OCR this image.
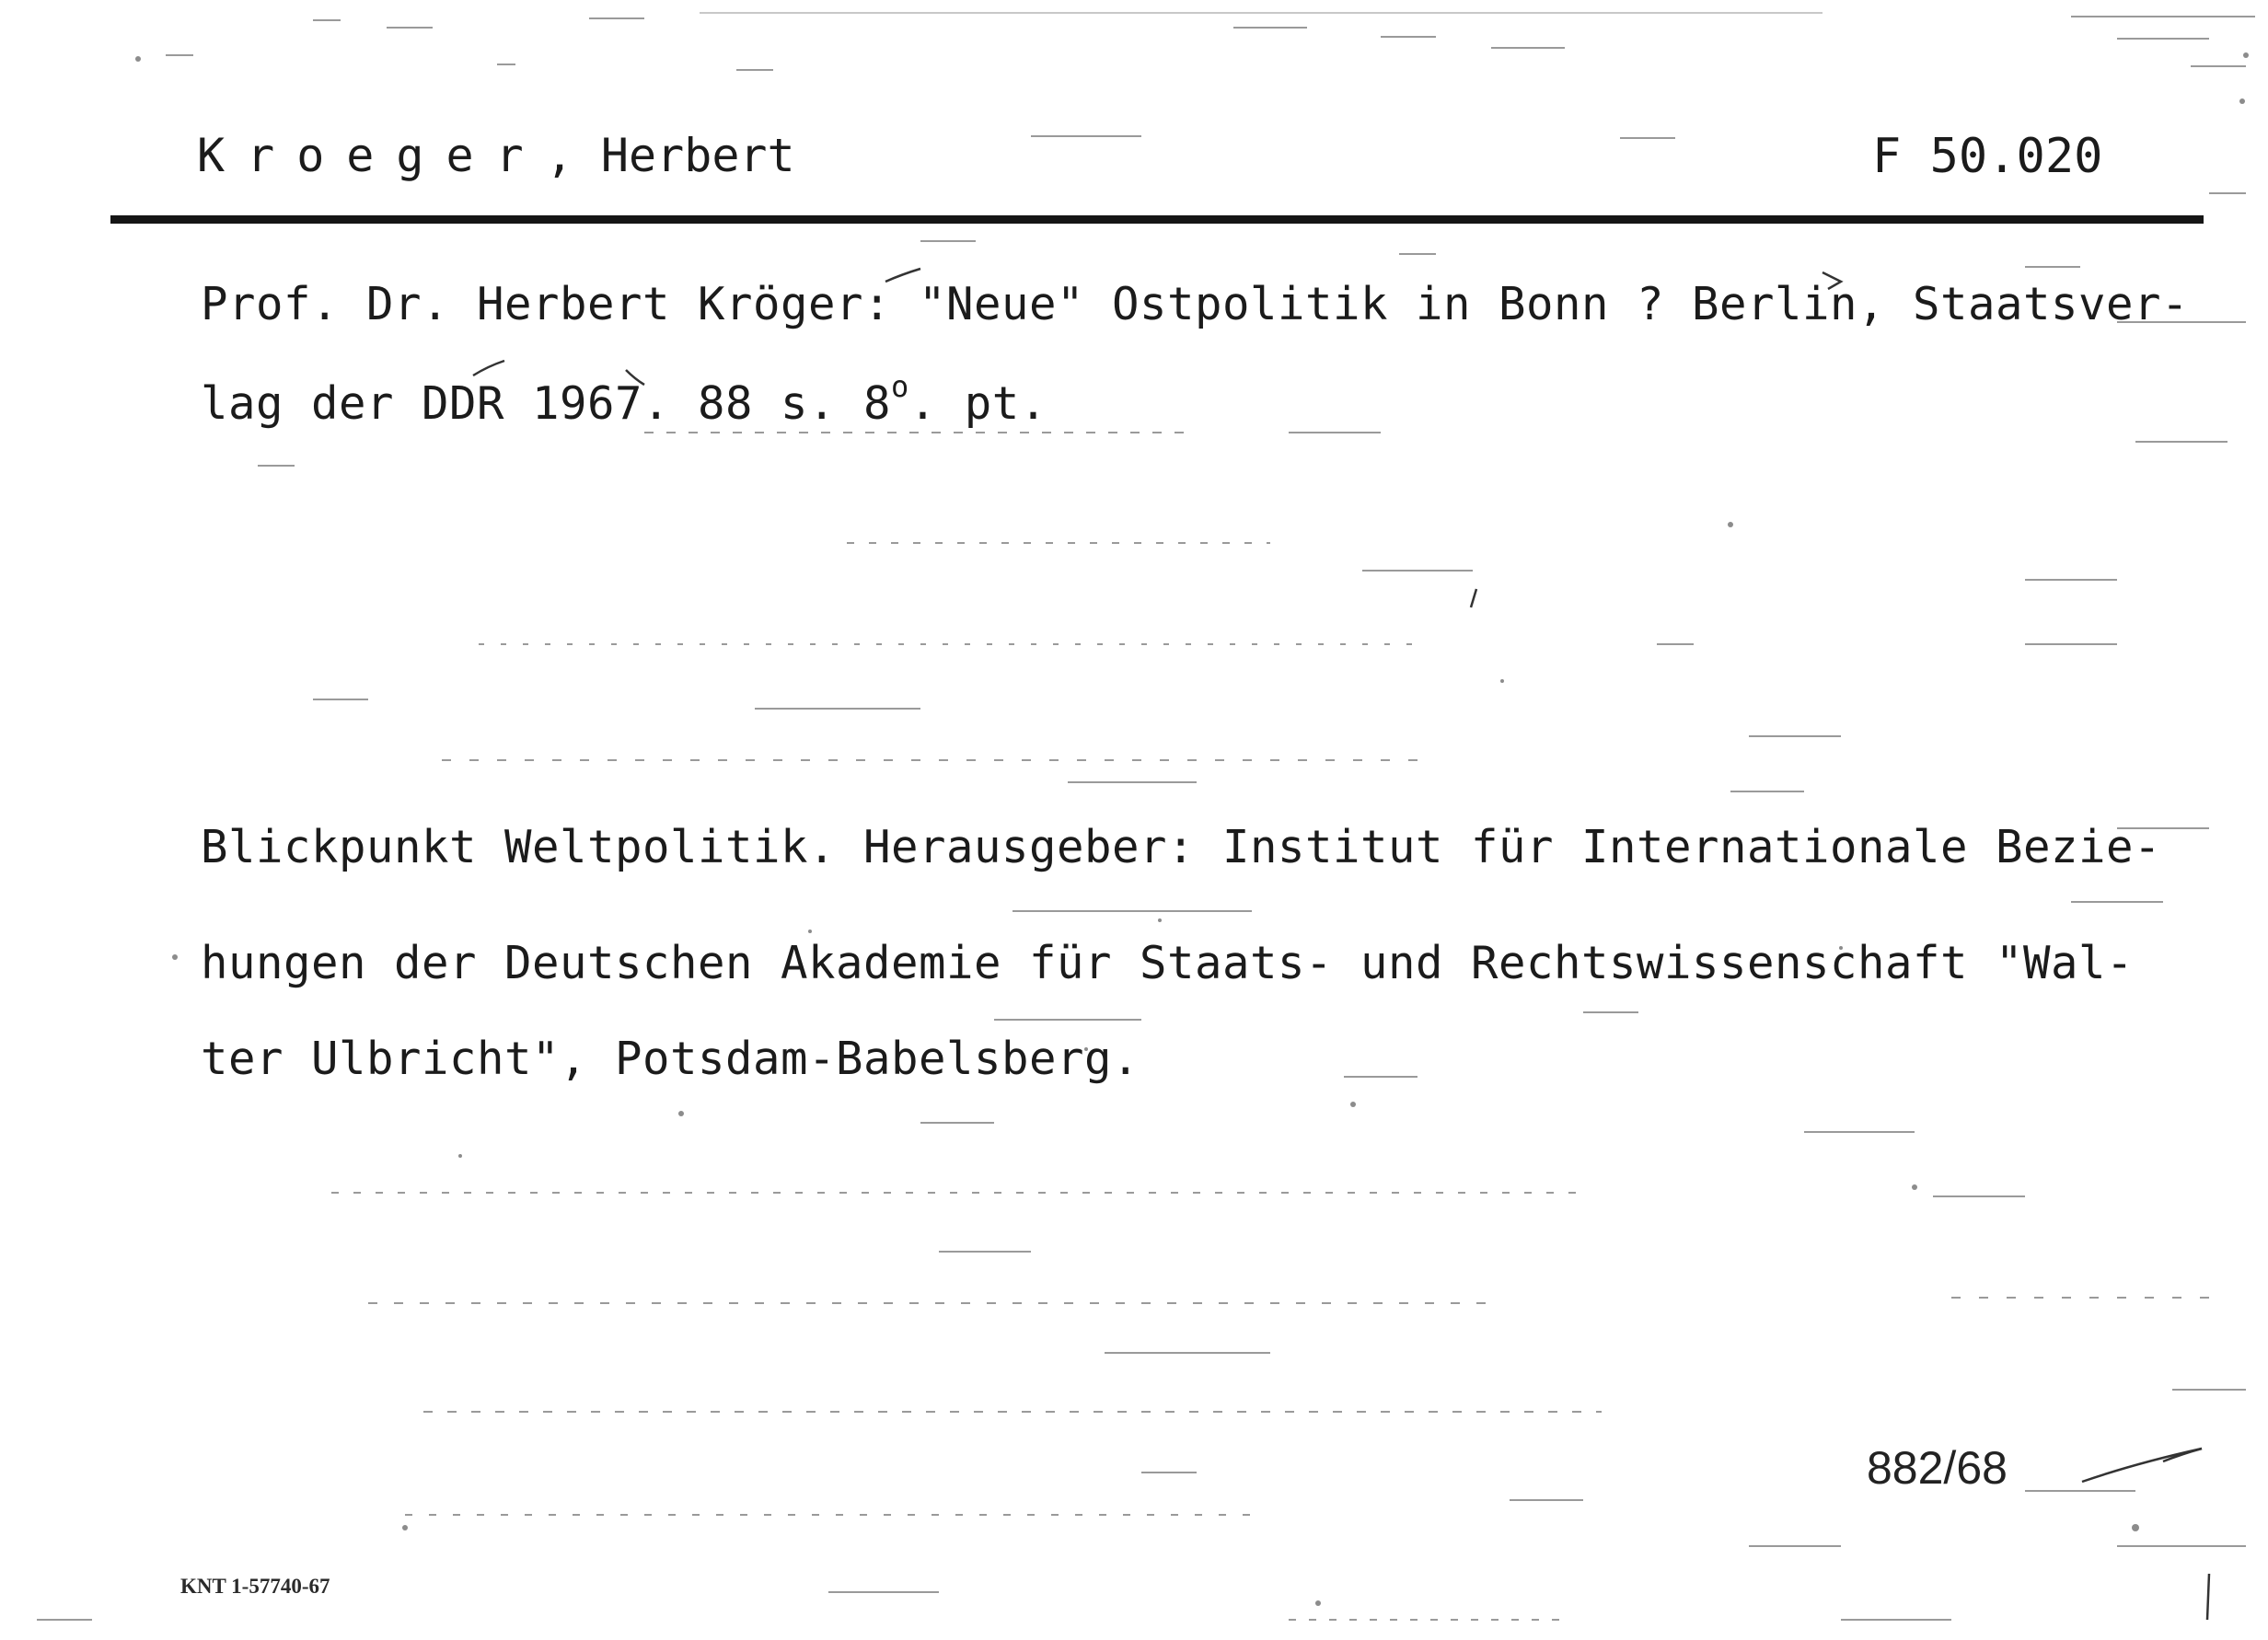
Kroeger, Herbert	F 50.020
Prof. Dr. Herbert Kröger: "Neue" Ostpolitik in Bonn ? Berlin, Staatsver-
lag der DDR 1967. 88 s. 8$^o$. pt.
Blickpunkt Weltpolitik. Herausgeber: Institut für Internationale Bezie-
hungen der Deutschen Akademie für Staats- und Rechtswissenschaft "Wal-
ter Ulbricht", Potsdam-Babelsberg.
882/68
KNT 1-57740-67
